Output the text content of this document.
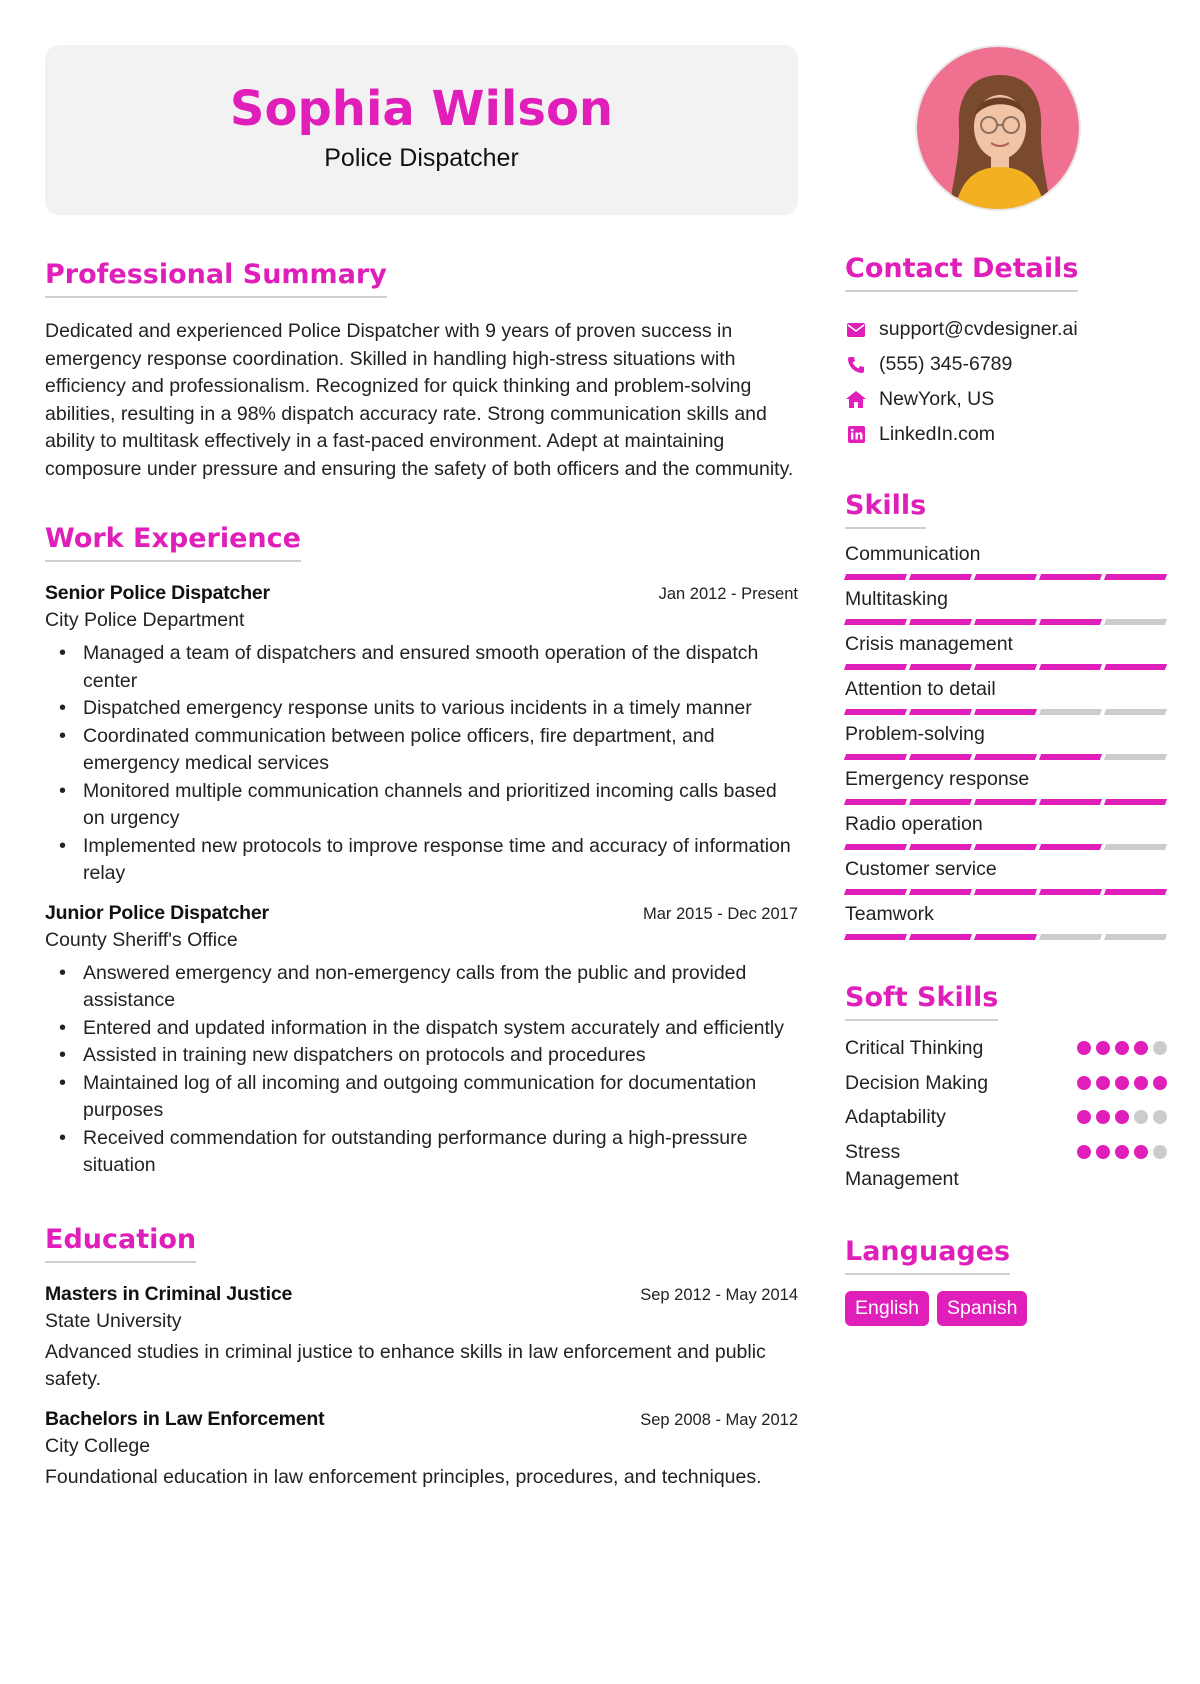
Sophia Wilson
Police Dispatcher
Professional Summary
Dedicated and experienced Police Dispatcher with 9 years of proven success in emergency response coordination. Skilled in handling high-stress situations with efficiency and professionalism. Recognized for quick thinking and problem-solving abilities, resulting in a 98% dispatch accuracy rate. Strong communication skills and ability to multitask effectively in a fast-paced environment. Adept at maintaining composure under pressure and ensuring the safety of both officers and the community.
Work Experience
Senior Police Dispatcher	Jan 2012 - Present
City Police Department
• Managed a team of dispatchers and ensured smooth operation of the dispatch center
• Dispatched emergency response units to various incidents in a timely manner
• Coordinated communication between police officers, fire department, and emergency medical services
• Monitored multiple communication channels and prioritized incoming calls based on urgency
• Implemented new protocols to improve response time and accuracy of information relay
Junior Police Dispatcher	Mar 2015 - Dec 2017
County Sheriff's Office
• Answered emergency and non-emergency calls from the public and provided assistance
• Entered and updated information in the dispatch system accurately and efficiently
• Assisted in training new dispatchers on protocols and procedures
• Maintained log of all incoming and outgoing communication for documentation purposes
• Received commendation for outstanding performance during a high-pressure situation
Education
Masters in Criminal Justice	Sep 2012 - May 2014
State University
Advanced studies in criminal justice to enhance skills in law enforcement and public safety.
Bachelors in Law Enforcement	Sep 2008 - May 2012
City College
Foundational education in law enforcement principles, procedures, and techniques.
Contact Details
support@cvdesigner.ai
(555) 345-6789
NewYork, US
LinkedIn.com
Skills
Communication
Multitasking
Crisis management
Attention to detail
Problem-solving
Emergency response
Radio operation
Customer service
Teamwork
Soft Skills
Critical Thinking
Decision Making
Adaptability
Stress Management
Languages
English	Spanish
